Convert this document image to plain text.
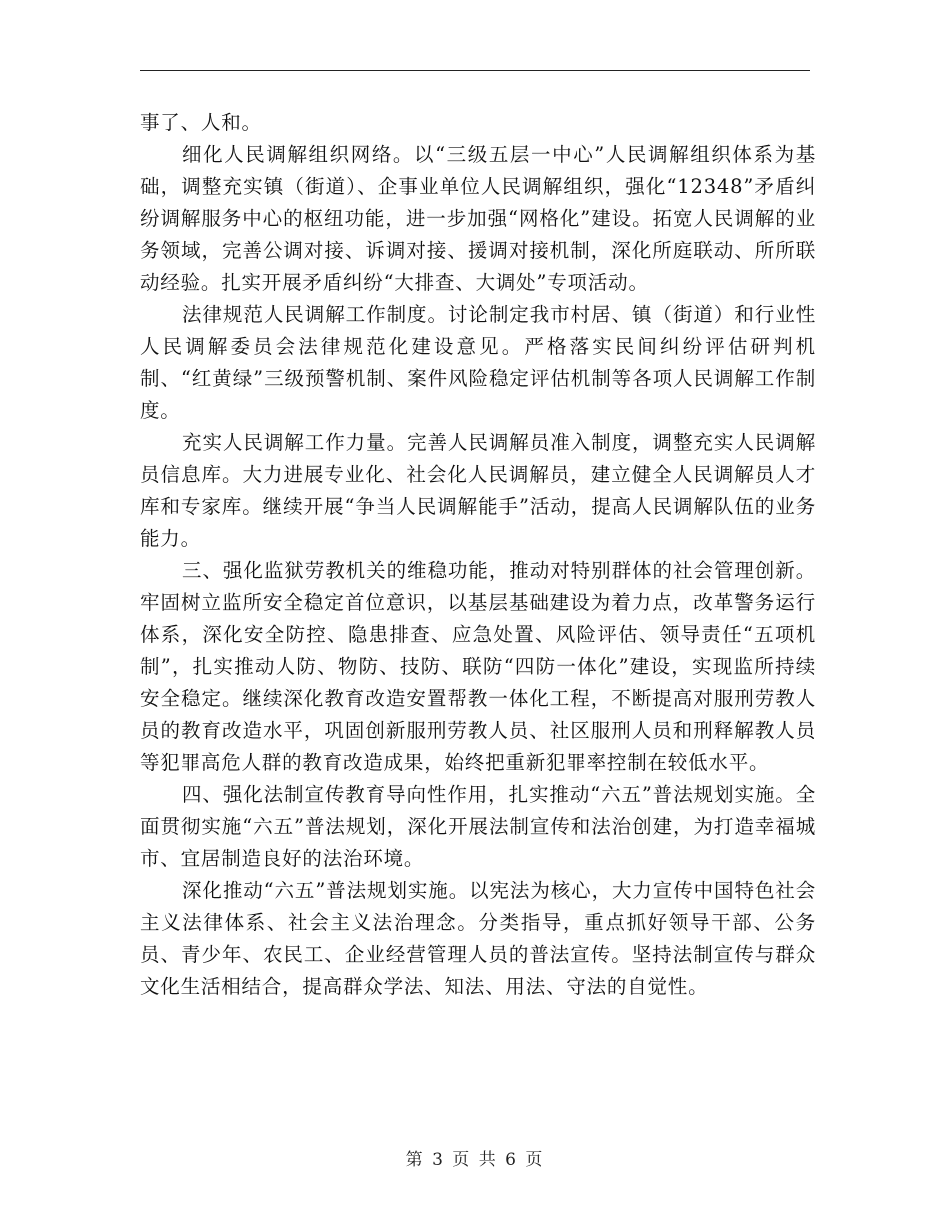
事了、人和。

细化人民调解组织网络。以“三级五层一中心”人民调解组织体系为基础，调整充实镇（街道）、企事业单位人民调解组织，强化“12348”矛盾纠纷调解服务中心的枢纽功能，进一步加强“网格化”建设。拓宽人民调解的业务领域，完善公调对接、诉调对接、援调对接机制，深化所庭联动、所所联动经验。扎实开展矛盾纠纷“大排查、大调处”专项活动。

法律规范人民调解工作制度。讨论制定我市村居、镇（街道）和行业性人民调解委员会法律规范化建设意见。严格落实民间纠纷评估研判机制、“红黄绿”三级预警机制、案件风险稳定评估机制等各项人民调解工作制度。

充实人民调解工作力量。完善人民调解员准入制度，调整充实人民调解员信息库。大力进展专业化、社会化人民调解员，建立健全人民调解员人才库和专家库。继续开展“争当人民调解能手”活动，提高人民调解队伍的业务能力。

三、强化监狱劳教机关的维稳功能，推动对特别群体的社会管理创新。牢固树立监所安全稳定首位意识，以基层基础建设为着力点，改革警务运行体系，深化安全防控、隐患排查、应急处置、风险评估、领导责任“五项机制”，扎实推动人防、物防、技防、联防“四防一体化”建设，实现监所持续安全稳定。继续深化教育改造安置帮教一体化工程，不断提高对服刑劳教人员的教育改造水平，巩固创新服刑劳教人员、社区服刑人员和刑释解教人员等犯罪高危人群的教育改造成果，始终把重新犯罪率控制在较低水平。

四、强化法制宣传教育导向性作用，扎实推动“六五”普法规划实施。全面贯彻实施“六五”普法规划，深化开展法制宣传和法治创建，为打造幸福城市、宜居制造良好的法治环境。

深化推动“六五”普法规划实施。以宪法为核心，大力宣传中国特色社会主义法律体系、社会主义法治理念。分类指导，重点抓好领导干部、公务员、青少年、农民工、企业经营管理人员的普法宣传。坚持法制宣传与群众文化生活相结合，提高群众学法、知法、用法、守法的自觉性。

第 3 页 共 6 页
